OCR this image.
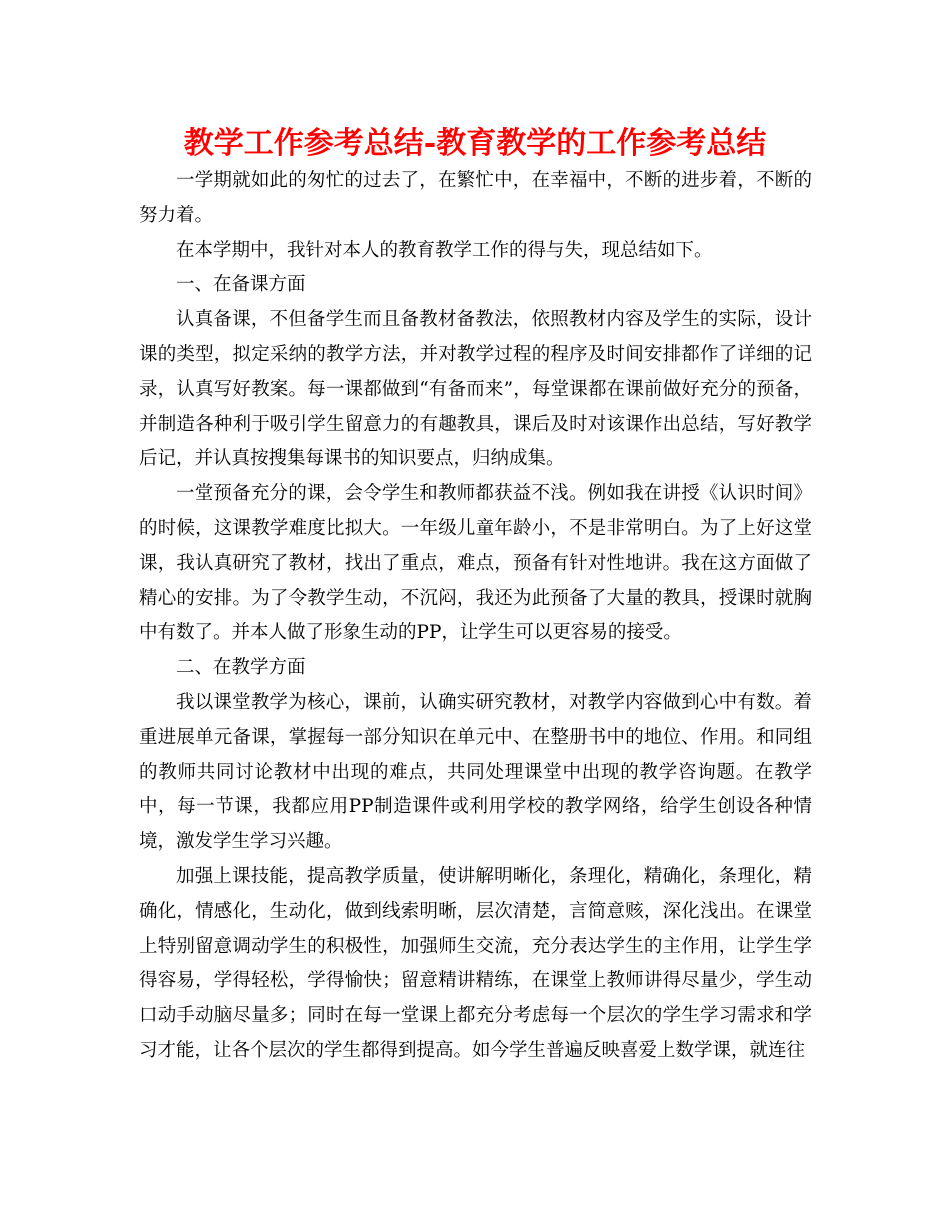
教学工作参考总结-教育教学的工作参考总结

一学期就如此的匆忙的过去了，在繁忙中，在幸福中，不断的进步着，不断的努力着。

在本学期中，我针对本人的教育教学工作的得与失，现总结如下。

一、在备课方面

认真备课，不但备学生而且备教材备教法，依照教材内容及学生的实际，设计课的类型，拟定采纳的教学方法，并对教学过程的程序及时间安排都作了详细的记录，认真写好教案。每一课都做到“有备而来”，每堂课都在课前做好充分的预备，并制造各种利于吸引学生留意力的有趣教具，课后及时对该课作出总结，写好教学后记，并认真按搜集每课书的知识要点，归纳成集。

一堂预备充分的课，会令学生和教师都获益不浅。例如我在讲授《认识时间》的时候，这课教学难度比拟大。一年级儿童年龄小，不是非常明白。为了上好这堂课，我认真研究了教材，找出了重点，难点，预备有针对性地讲。我在这方面做了精心的安排。为了令教学生动，不沉闷，我还为此预备了大量的教具，授课时就胸中有数了。并本人做了形象生动的PP，让学生可以更容易的接受。

二、在教学方面

我以课堂教学为核心，课前，认确实研究教材，对教学内容做到心中有数。着重进展单元备课，掌握每一部分知识在单元中、在整册书中的地位、作用。和同组的教师共同讨论教材中出现的难点，共同处理课堂中出现的教学咨询题。在教学中，每一节课，我都应用PP制造课件或利用学校的教学网络，给学生创设各种情境，激发学生学习兴趣。

加强上课技能，提高教学质量，使讲解明晰化，条理化，精确化，条理化，精确化，情感化，生动化，做到线索明晰，层次清楚，言简意赅，深化浅出。在课堂上特别留意调动学生的积极性，加强师生交流，充分表达学生的主作用，让学生学得容易，学得轻松，学得愉快；留意精讲精练，在课堂上教师讲得尽量少，学生动口动手动脑尽量多；同时在每一堂课上都充分考虑每一个层次的学生学习需求和学习才能，让各个层次的学生都得到提高。如今学生普遍反映喜爱上数学课，就连往
